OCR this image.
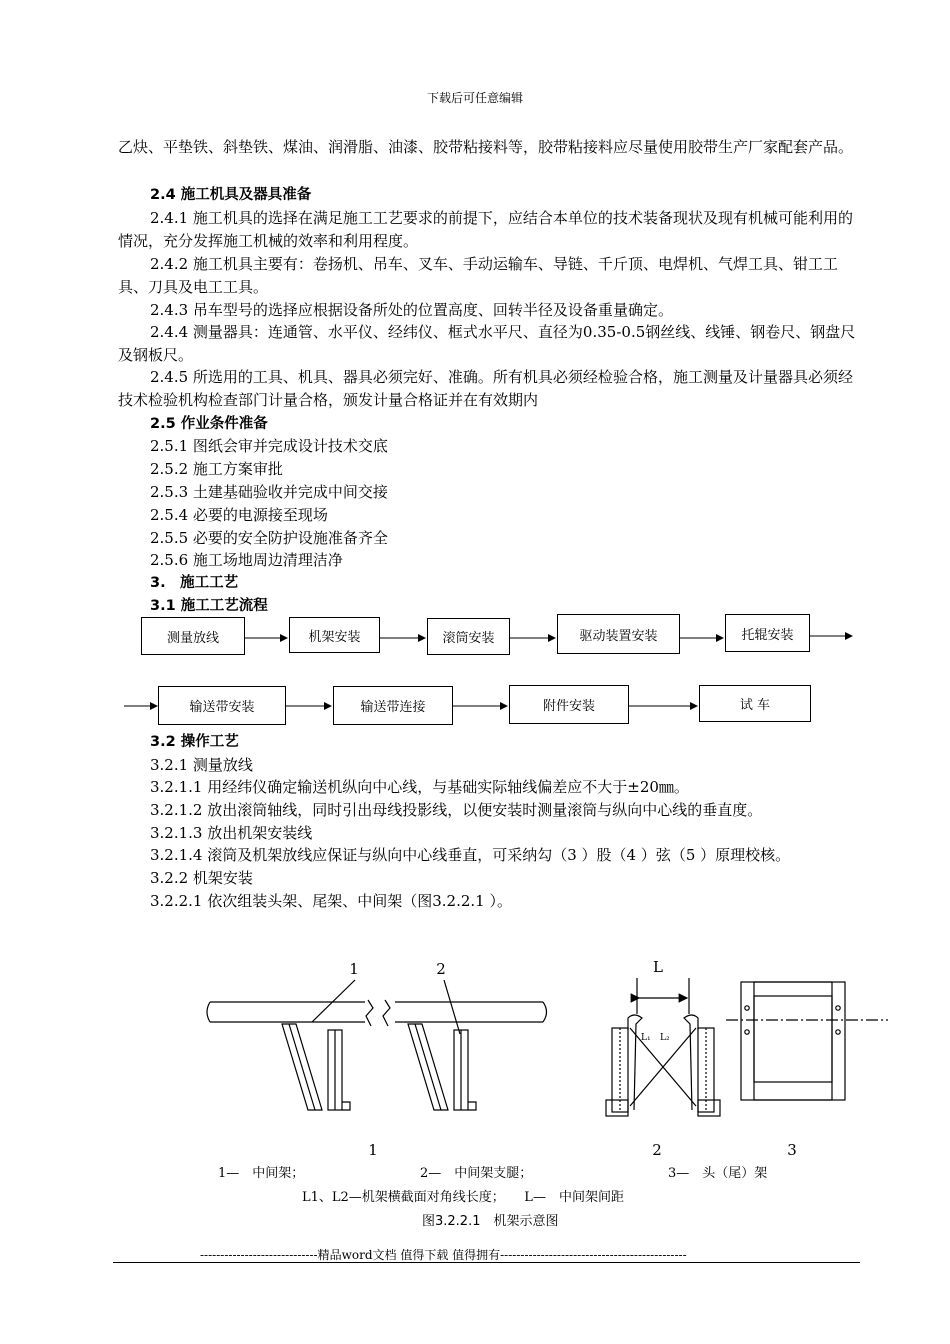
下载后可任意编辑

乙炔、平垫铁、斜垫铁、煤油、润滑脂、油漆、胶带粘接料等，胶带粘接料应尽量使用胶带生产厂家配套产品。

2.4 施工机具及器具准备

2.4.1 施工机具的选择在满足施工工艺要求的前提下，应结合本单位的技术装备现状及现有机械可能利用的情况，充分发挥施工机械的效率和利用程度。

2.4.2 施工机具主要有：卷扬机、吊车、叉车、手动运输车、导链、千斤顶、电焊机、气焊工具、钳工工具、刀具及电工工具。

2.4.3 吊车型号的选择应根据设备所处的位置高度、回转半径及设备重量确定。

2.4.4 测量器具：连通管、水平仪、经纬仪、框式水平尺、直径为0.35-0.5钢丝线、线锤、钢卷尺、钢盘尺及钢板尺。

2.4.5 所选用的工具、机具、器具必须完好、准确。所有机具必须经检验合格，施工测量及计量器具必须经技术检验机构检查部门计量合格，颁发计量合格证并在有效期内

2.5 作业条件准备
2.5.1 图纸会审并完成设计技术交底
2.5.2 施工方案审批
2.5.3 土建基础验收并完成中间交接
2.5.4 必要的电源接至现场
2.5.5 必要的安全防护设施准备齐全
2.5.6 施工场地周边清理洁净
3.　施工工艺
3.1 施工工艺流程
测量放线	机架安装	滚筒安装	驱动装置安装	托辊安装
输送带安装	输送带连接	附件安装	试 车
3.2 操作工艺
3.2.1 测量放线
3.2.1.1 用经纬仪确定输送机纵向中心线，与基础实际轴线偏差应不大于±20㎜。
3.2.1.2 放出滚筒轴线，同时引出母线投影线，以便安装时测量滚筒与纵向中心线的垂直度。
3.2.1.3 放出机架安装线
3.2.1.4 滚筒及机架放线应保证与纵向中心线垂直，可采纳勾（3 ）股（4 ）弦（5 ）原理校核。
3.2.2 机架安装
3.2.2.1 依次组装头架、尾架、中间架（图3.2.2.1 ）。
1	2	L
L₁ L₂
1	2	3
1—　中间架；	2—　中间架支腿；	3—　头（尾）架
L1、L2—机架横截面对角线长度；　　L—　中间架间距
图3.2.2.1　机架示意图
-----------------------------精品word文档 值得下载 值得拥有----------------------------------------------
